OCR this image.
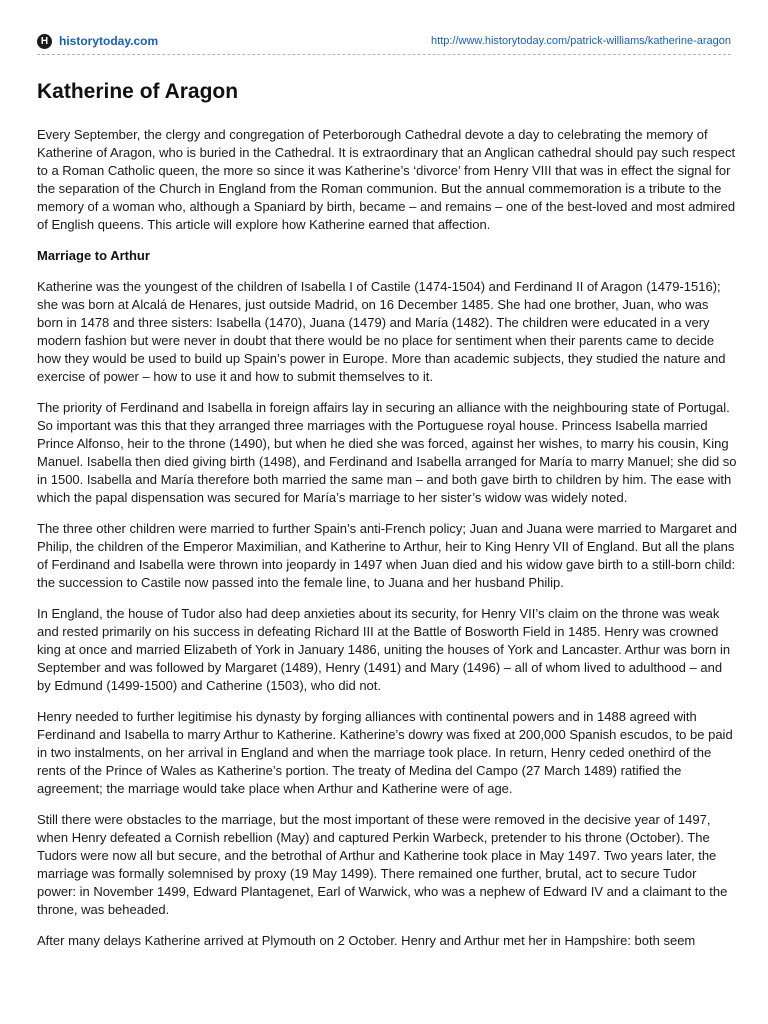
H historytoday.com	http://www.historytoday.com/patrick-williams/katherine-aragon
Katherine of Aragon

Every September, the clergy and congregation of Peterborough Cathedral devote a day to celebrating the memory of Katherine of Aragon, who is buried in the Cathedral. It is extraordinary that an Anglican cathedral should pay such respect to a Roman Catholic queen, the more so since it was Katherine’s ‘divorce’ from Henry VIII that was in effect the signal for the separation of the Church in England from the Roman communion. But the annual commemoration is a tribute to the memory of a woman who, although a Spaniard by birth, became – and remains – one of the best-loved and most admired of English queens. This article will explore how Katherine earned that affection.

Marriage to Arthur

Katherine was the youngest of the children of Isabella I of Castile (1474-1504) and Ferdinand II of Aragon (1479-1516); she was born at Alcalá de Henares, just outside Madrid, on 16 December 1485. She had one brother, Juan, who was born in 1478 and three sisters: Isabella (1470), Juana (1479) and María (1482). The children were educated in a very modern fashion but were never in doubt that there would be no place for sentiment when their parents came to decide how they would be used to build up Spain’s power in Europe. More than academic subjects, they studied the nature and exercise of power – how to use it and how to submit themselves to it.

The priority of Ferdinand and Isabella in foreign affairs lay in securing an alliance with the neighbouring state of Portugal. So important was this that they arranged three marriages with the Portuguese royal house. Princess Isabella married Prince Alfonso, heir to the throne (1490), but when he died she was forced, against her wishes, to marry his cousin, King Manuel. Isabella then died giving birth (1498), and Ferdinand and Isabella arranged for María to marry Manuel; she did so in 1500. Isabella and María therefore both married the same man – and both gave birth to children by him. The ease with which the papal dispensation was secured for María’s marriage to her sister’s widow was widely noted.

The three other children were married to further Spain’s anti-French policy; Juan and Juana were married to Margaret and Philip, the children of the Emperor Maximilian, and Katherine to Arthur, heir to King Henry VII of England. But all the plans of Ferdinand and Isabella were thrown into jeopardy in 1497 when Juan died and his widow gave birth to a still-born child: the succession to Castile now passed into the female line, to Juana and her husband Philip.

In England, the house of Tudor also had deep anxieties about its security, for Henry VII’s claim on the throne was weak and rested primarily on his success in defeating Richard III at the Battle of Bosworth Field in 1485. Henry was crowned king at once and married Elizabeth of York in January 1486, uniting the houses of York and Lancaster. Arthur was born in September and was followed by Margaret (1489), Henry (1491) and Mary (1496) – all of whom lived to adulthood – and by Edmund (1499-1500) and Catherine (1503), who did not.

Henry needed to further legitimise his dynasty by forging alliances with continental powers and in 1488 agreed with Ferdinand and Isabella to marry Arthur to Katherine. Katherine’s dowry was fixed at 200,000 Spanish escudos, to be paid in two instalments, on her arrival in England and when the marriage took place. In return, Henry ceded onethird of the rents of the Prince of Wales as Katherine’s portion. The treaty of Medina del Campo (27 March 1489) ratified the agreement; the marriage would take place when Arthur and Katherine were of age.

Still there were obstacles to the marriage, but the most important of these were removed in the decisive year of 1497, when Henry defeated a Cornish rebellion (May) and captured Perkin Warbeck, pretender to his throne (October). The Tudors were now all but secure, and the betrothal of Arthur and Katherine took place in May 1497. Two years later, the marriage was formally solemnised by proxy (19 May 1499). There remained one further, brutal, act to secure Tudor power: in November 1499, Edward Plantagenet, Earl of Warwick, who was a nephew of Edward IV and a claimant to the throne, was beheaded.

After many delays Katherine arrived at Plymouth on 2 October. Henry and Arthur met her in Hampshire: both seem
